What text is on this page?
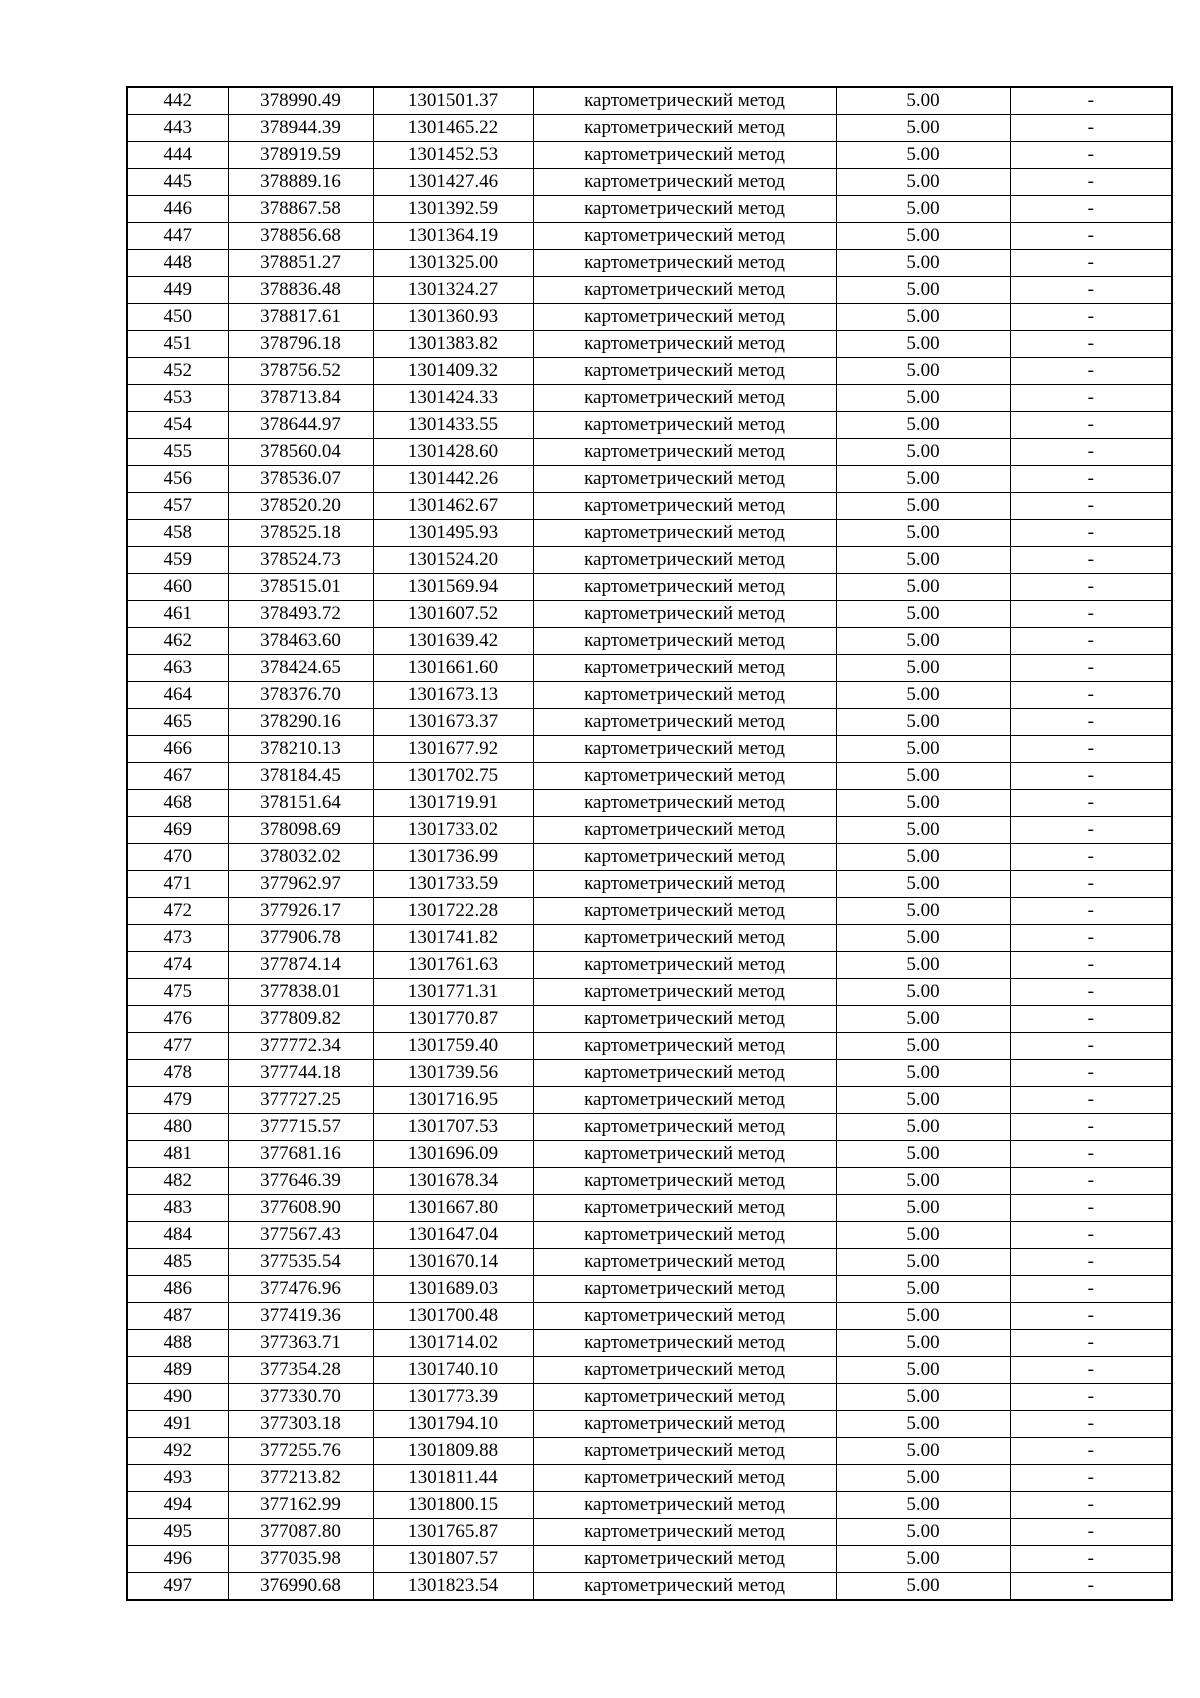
442	378990.49	1301501.37	картометрический метод	5.00	-
443	378944.39	1301465.22	картометрический метод	5.00	-
444	378919.59	1301452.53	картометрический метод	5.00	-
445	378889.16	1301427.46	картометрический метод	5.00	-
446	378867.58	1301392.59	картометрический метод	5.00	-
447	378856.68	1301364.19	картометрический метод	5.00	-
448	378851.27	1301325.00	картометрический метод	5.00	-
449	378836.48	1301324.27	картометрический метод	5.00	-
450	378817.61	1301360.93	картометрический метод	5.00	-
451	378796.18	1301383.82	картометрический метод	5.00	-
452	378756.52	1301409.32	картометрический метод	5.00	-
453	378713.84	1301424.33	картометрический метод	5.00	-
454	378644.97	1301433.55	картометрический метод	5.00	-
455	378560.04	1301428.60	картометрический метод	5.00	-
456	378536.07	1301442.26	картометрический метод	5.00	-
457	378520.20	1301462.67	картометрический метод	5.00	-
458	378525.18	1301495.93	картометрический метод	5.00	-
459	378524.73	1301524.20	картометрический метод	5.00	-
460	378515.01	1301569.94	картометрический метод	5.00	-
461	378493.72	1301607.52	картометрический метод	5.00	-
462	378463.60	1301639.42	картометрический метод	5.00	-
463	378424.65	1301661.60	картометрический метод	5.00	-
464	378376.70	1301673.13	картометрический метод	5.00	-
465	378290.16	1301673.37	картометрический метод	5.00	-
466	378210.13	1301677.92	картометрический метод	5.00	-
467	378184.45	1301702.75	картометрический метод	5.00	-
468	378151.64	1301719.91	картометрический метод	5.00	-
469	378098.69	1301733.02	картометрический метод	5.00	-
470	378032.02	1301736.99	картометрический метод	5.00	-
471	377962.97	1301733.59	картометрический метод	5.00	-
472	377926.17	1301722.28	картометрический метод	5.00	-
473	377906.78	1301741.82	картометрический метод	5.00	-
474	377874.14	1301761.63	картометрический метод	5.00	-
475	377838.01	1301771.31	картометрический метод	5.00	-
476	377809.82	1301770.87	картометрический метод	5.00	-
477	377772.34	1301759.40	картометрический метод	5.00	-
478	377744.18	1301739.56	картометрический метод	5.00	-
479	377727.25	1301716.95	картометрический метод	5.00	-
480	377715.57	1301707.53	картометрический метод	5.00	-
481	377681.16	1301696.09	картометрический метод	5.00	-
482	377646.39	1301678.34	картометрический метод	5.00	-
483	377608.90	1301667.80	картометрический метод	5.00	-
484	377567.43	1301647.04	картометрический метод	5.00	-
485	377535.54	1301670.14	картометрический метод	5.00	-
486	377476.96	1301689.03	картометрический метод	5.00	-
487	377419.36	1301700.48	картометрический метод	5.00	-
488	377363.71	1301714.02	картометрический метод	5.00	-
489	377354.28	1301740.10	картометрический метод	5.00	-
490	377330.70	1301773.39	картометрический метод	5.00	-
491	377303.18	1301794.10	картометрический метод	5.00	-
492	377255.76	1301809.88	картометрический метод	5.00	-
493	377213.82	1301811.44	картометрический метод	5.00	-
494	377162.99	1301800.15	картометрический метод	5.00	-
495	377087.80	1301765.87	картометрический метод	5.00	-
496	377035.98	1301807.57	картометрический метод	5.00	-
497	376990.68	1301823.54	картометрический метод	5.00	-
